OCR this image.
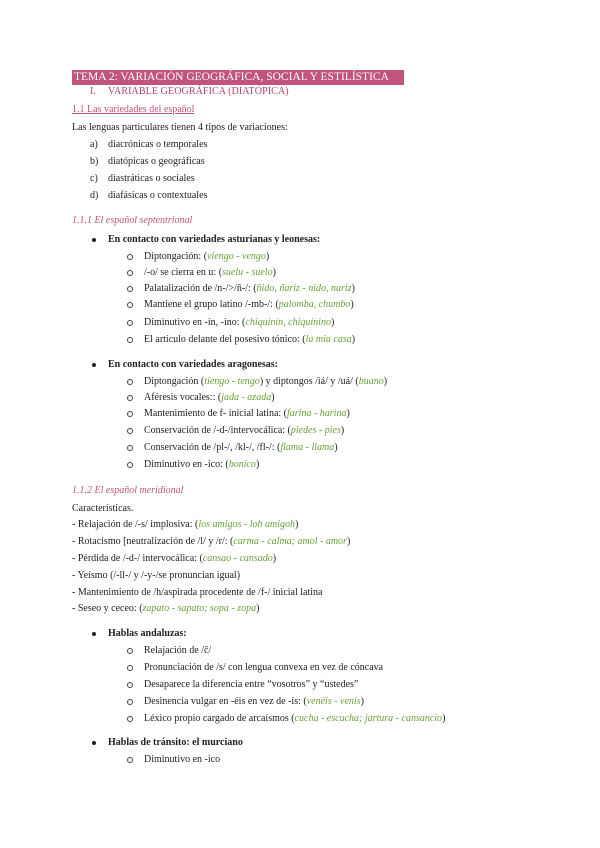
TEMA 2: VARIACIÓN GEOGRÁFICA, SOCIAL Y ESTILÍSTICA
I. VARIABLE GEOGRÁFICA (DIATÓPICA)
1.1 Las variedades del español
Las lenguas particulares tienen 4 tipos de variaciones:
a) diacrónicas o temporales
b) diatópicas o geográficas
c) diastráticas o sociales
d) diafásicas o contextuales
1.1.1 El español septentrional
En contacto con variedades asturianas y leonesas:
Diptongación: (viengo - vengo)
/-o/ se cierra en u: (suelu - suelo)
Palatalización de /n-/>/ñ-/: (ñido, ñariz - nido, nariz)
Mantiene el grupo latino /-mb-/: (palomba, chumbo)
Diminutivo en -ín, -ino: (chiquinín, chiquinino)
El artículo delante del posesivo tónico: (la mia casa)
En contacto con variedades aragonesas:
Diptongación (tiengo - tengo) y diptongos /iá/ y /uá/ (buano)
Aféresis vocales:: (jada - azada)
Mantenimiento de f- inicial latina: (farina - harina)
Conservación de /-d-/intervocálica: (piedes - pies)
Conservación de /pl-/, /kl-/, /fl-/: (flama - llama)
Diminutivo en -ico: (bonico)
1.1.2 El español meridional
Características.
- Relajación de /-s/ implosiva: (los amigos - loh amigoh)
- Rotacismo [neutralización de /l/ y /r/: (carma - calma; amol - amor)
- Pérdida de /-d-/ intervocálica: (cansao - cansado)
- Yeísmo (/-ll-/ y /-y-/se pronuncian igual)
- Mantenimiento de /h/aspirada procedente de /f-/ inicial latina
- Seseo y ceceo: (zapato - sapato; sopa - zopa)
Hablas andaluzas:
Relajación de /ĉ/
Pronunciación de /s/ con lengua convexa en vez de cóncava
Desaparece la diferencia entre “vosotros” y “ustedes”
Desinencia vulgar en -éis en vez de -ís: (venéis - venís)
Léxico propio cargado de arcaísmos (cucha - escucha; jartura - cansancio)
Hablas de tránsito: el murciano
Diminutivo en -ico
